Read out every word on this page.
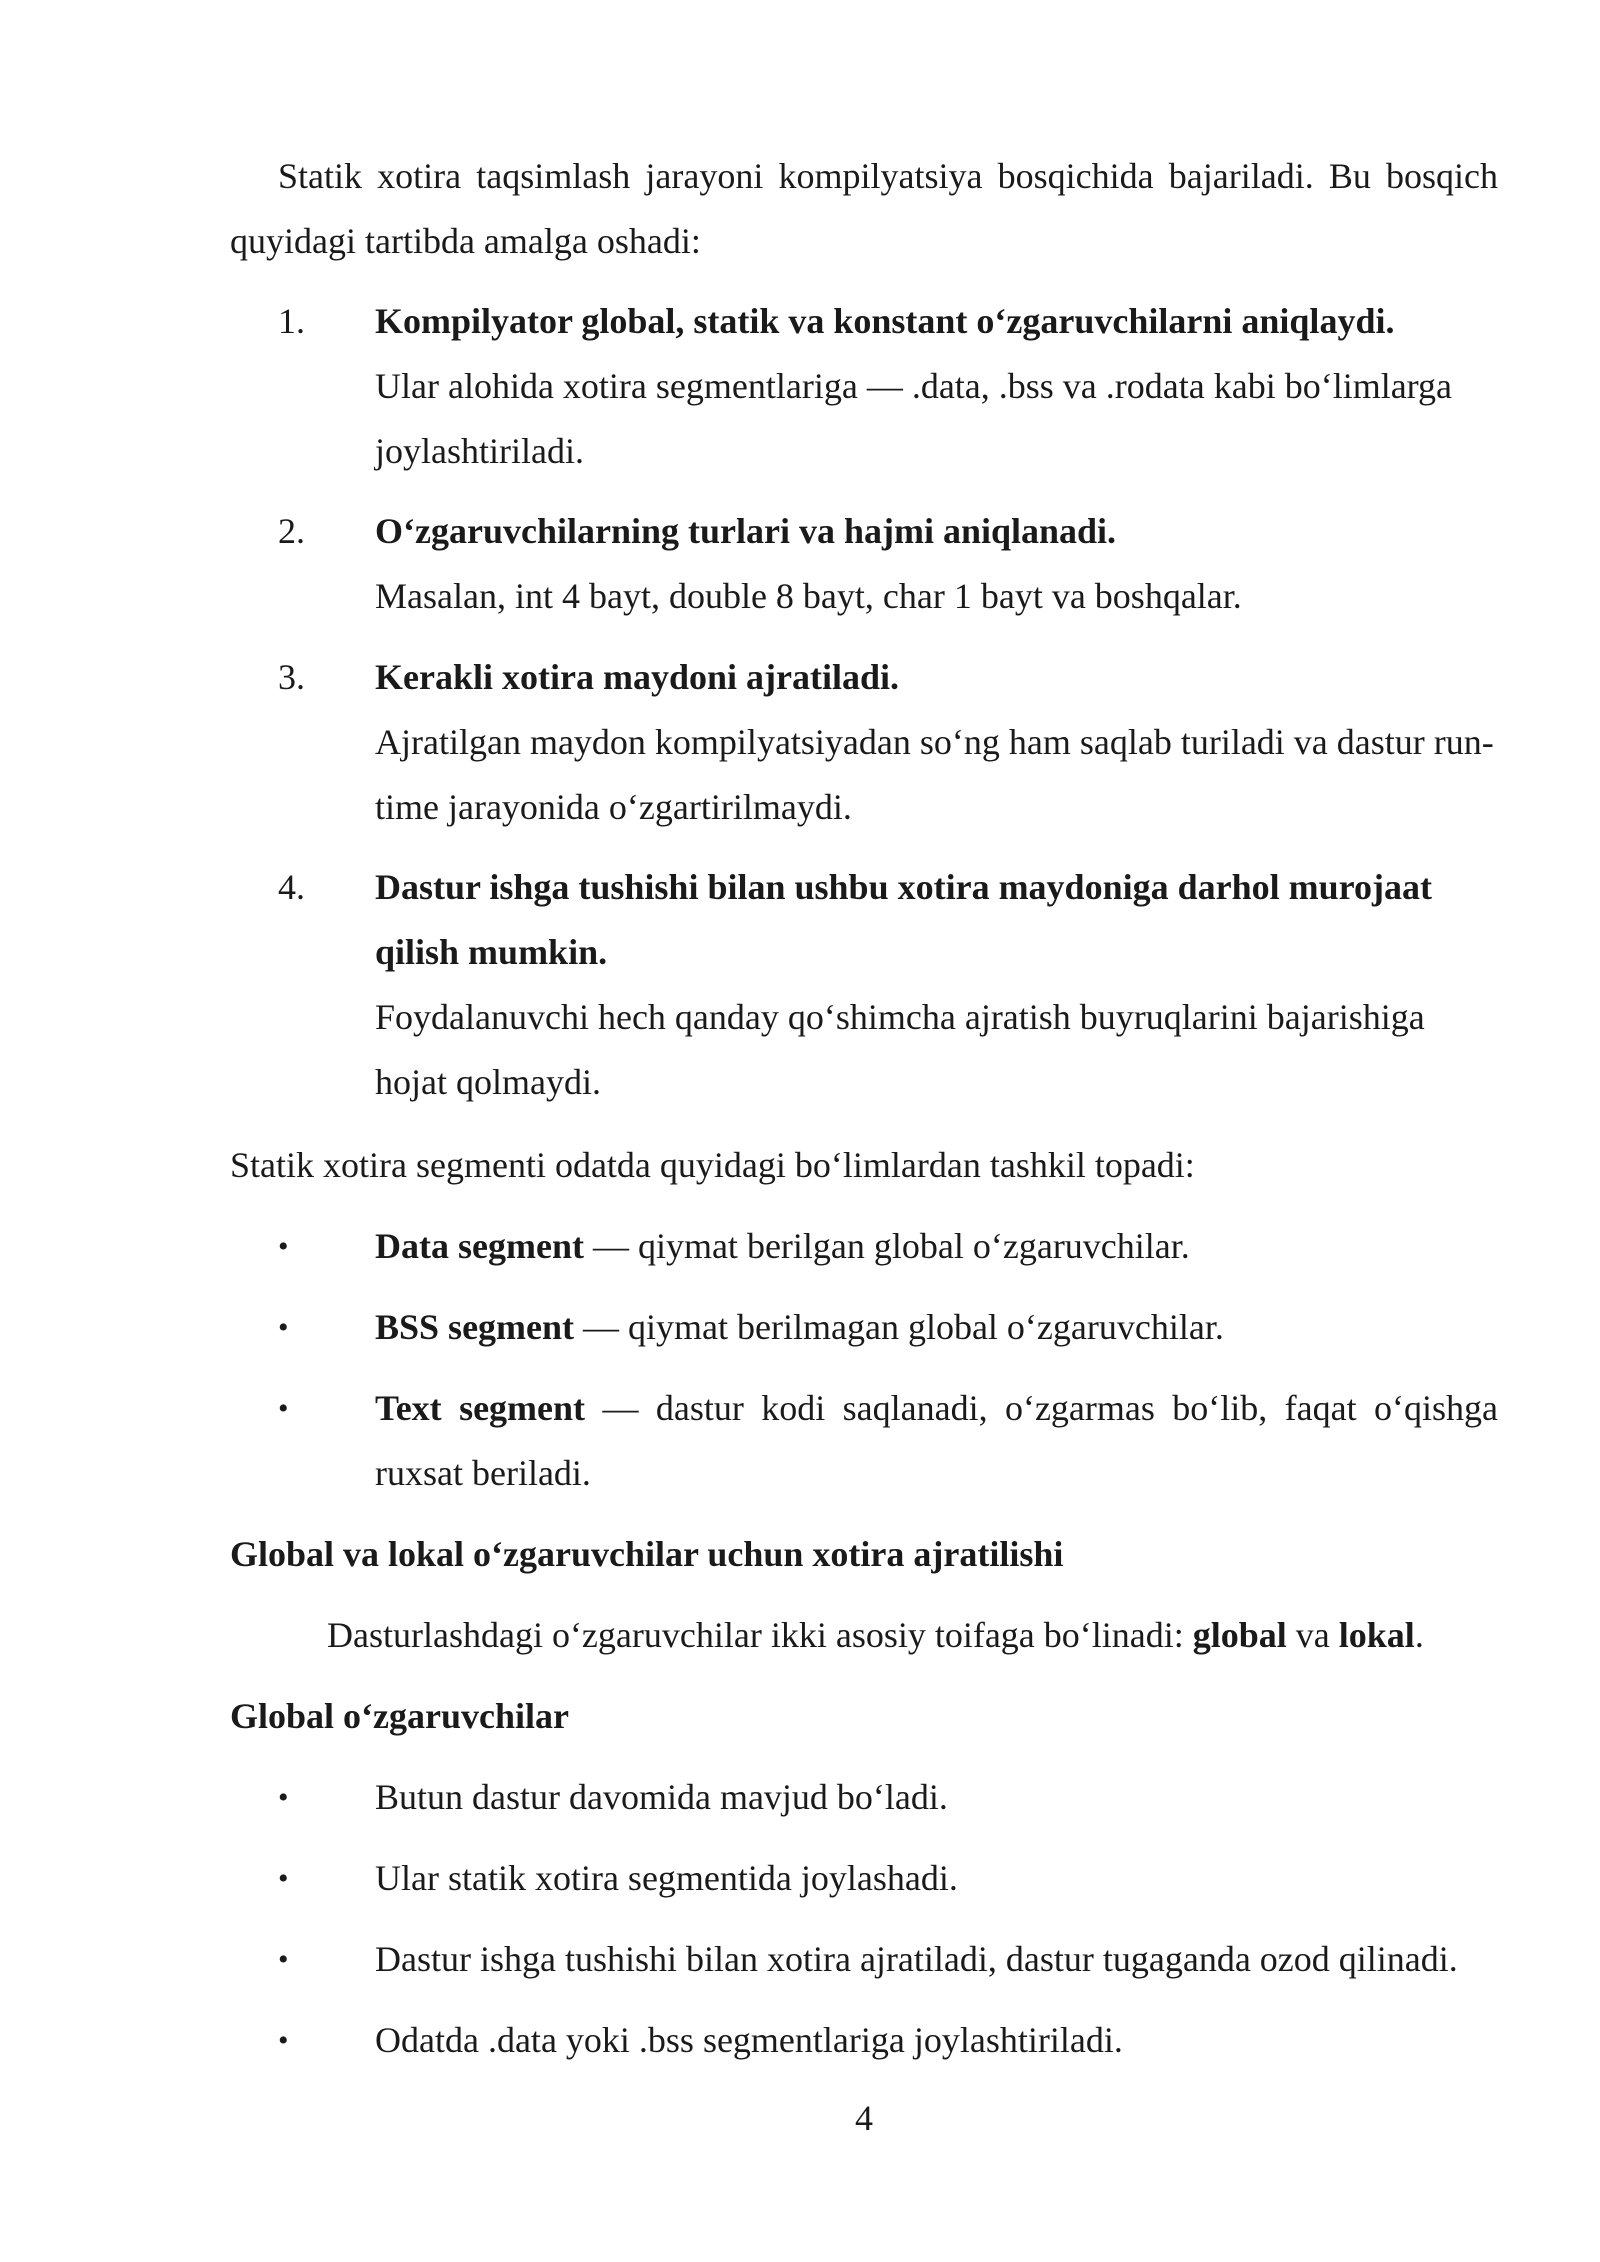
Statik xotira taqsimlash jarayoni kompilyatsiya bosqichida bajariladi. Bu bosqich quyidagi tartibda amalga oshadi:
1. Kompilyator global, statik va konstant o‘zgaruvchilarni aniqlaydi.
Ular alohida xotira segmentlariga — .data, .bss va .rodata kabi bo‘limlarga joylashtiriladi.
2. O‘zgaruvchilarning turlari va hajmi aniqlanadi.
Masalan, int 4 bayt, double 8 bayt, char 1 bayt va boshqalar.
3. Kerakli xotira maydoni ajratiladi.
Ajratilgan maydon kompilyatsiyadan so‘ng ham saqlab turiladi va dastur run-time jarayonida o‘zgartirilmaydi.
4. Dastur ishga tushishi bilan ushbu xotira maydoniga darhol murojaat qilish mumkin.
Foydalanuvchi hech qanday qo‘shimcha ajratish buyruqlarini bajarishiga hojat qolmaydi.
Statik xotira segmenti odatda quyidagi bo‘limlardan tashkil topadi:
• Data segment — qiymat berilgan global o‘zgaruvchilar.
• BSS segment — qiymat berilmagan global o‘zgaruvchilar.
• Text segment — dastur kodi saqlanadi, o‘zgarmas bo‘lib, faqat o‘qishga ruxsat beriladi.
Global va lokal o‘zgaruvchilar uchun xotira ajratilishi
Dasturlashdagi o‘zgaruvchilar ikki asosiy toifaga bo‘linadi: global va lokal.
Global o‘zgaruvchilar
• Butun dastur davomida mavjud bo‘ladi.
• Ular statik xotira segmentida joylashadi.
• Dastur ishga tushishi bilan xotira ajratiladi, dastur tugaganda ozod qilinadi.
• Odatda .data yoki .bss segmentlariga joylashtiriladi.
4
